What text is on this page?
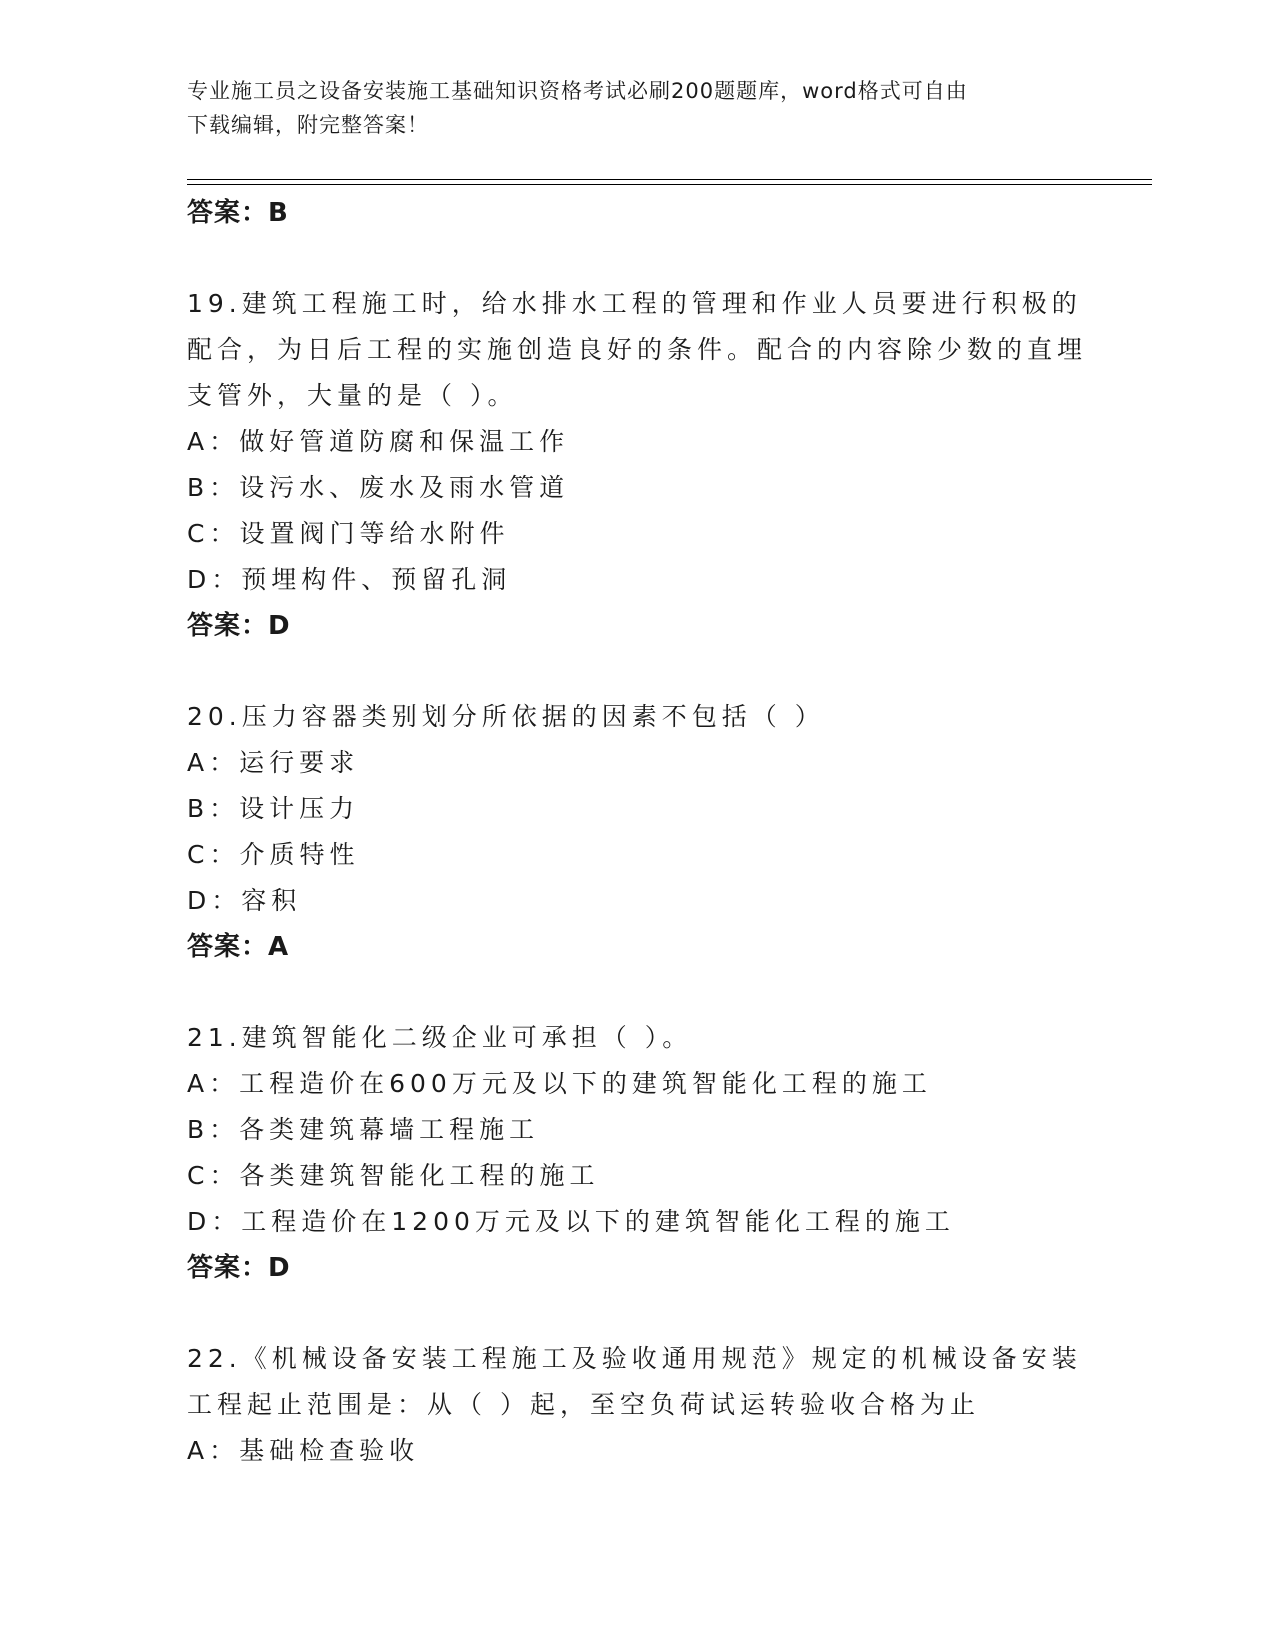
专业施工员之设备安装施工基础知识资格考试必刷200题题库，word格式可自由
下载编辑，附完整答案！
答案：B
19.建筑工程施工时，给水排水工程的管理和作业人员要进行积极的配合，为日后工程的实施创造良好的条件。配合的内容除少数的直埋支管外，大量的是（ ）。
A：做好管道防腐和保温工作
B：设污水、废水及雨水管道
C：设置阀门等给水附件
D：预埋构件、预留孔洞
答案：D
20.压力容器类别划分所依据的因素不包括（ ）
A：运行要求
B：设计压力
C：介质特性
D：容积
答案：A
21.建筑智能化二级企业可承担（ ）。
A：工程造价在600万元及以下的建筑智能化工程的施工
B：各类建筑幕墙工程施工
C：各类建筑智能化工程的施工
D：工程造价在1200万元及以下的建筑智能化工程的施工
答案：D
22.《机械设备安装工程施工及验收通用规范》规定的机械设备安装工程起止范围是：从（ ）起，至空负荷试运转验收合格为止
A：基础检查验收
